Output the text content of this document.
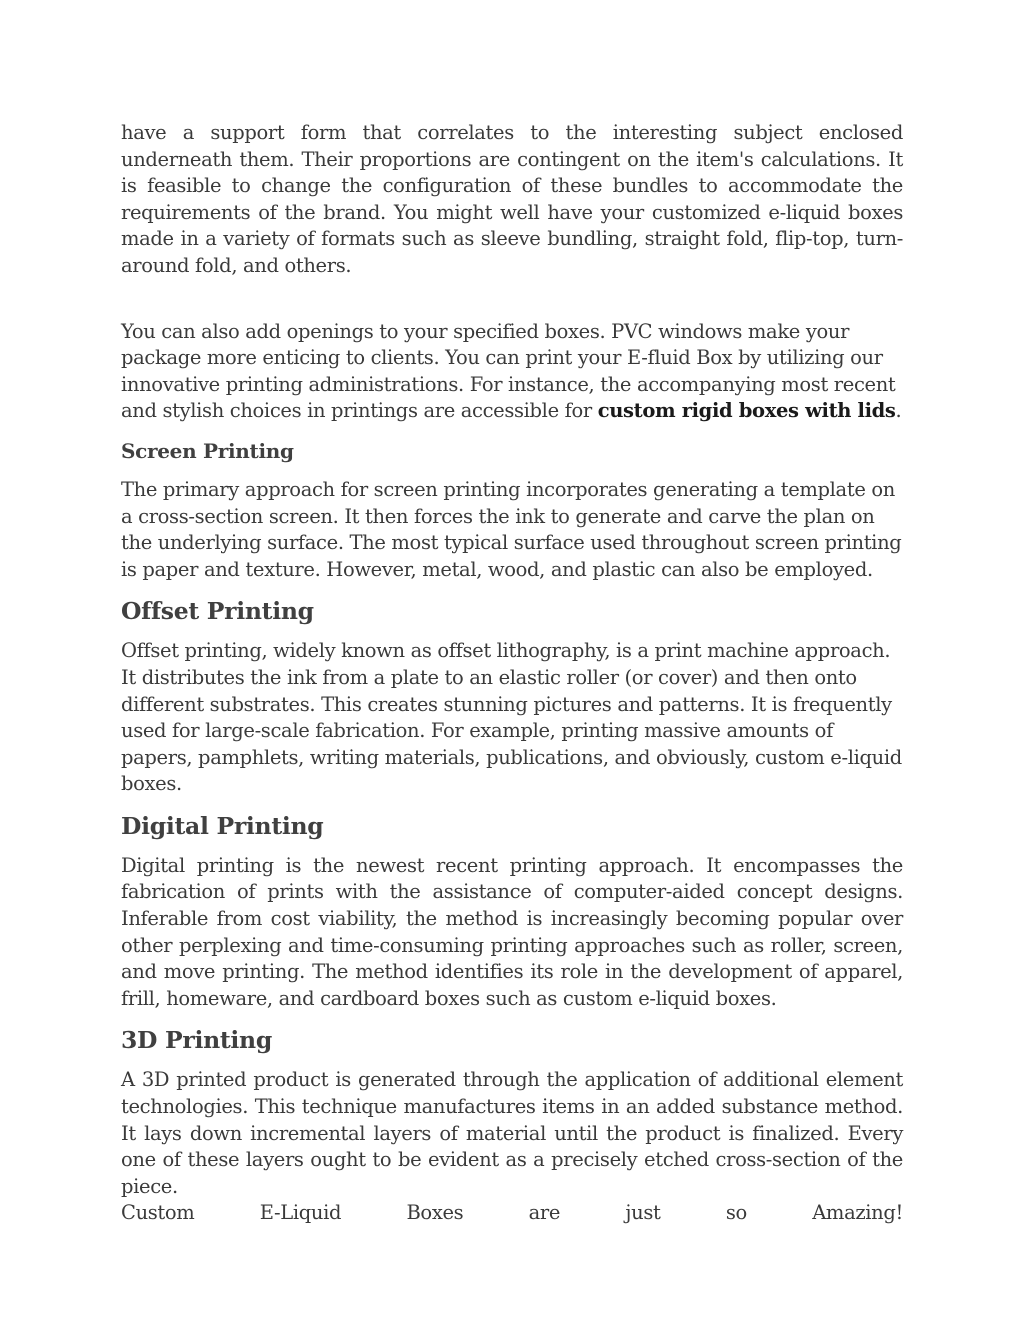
have a support form that correlates to the interesting subject enclosed underneath them. Their proportions are contingent on the item's calculations. It is feasible to change the configuration of these bundles to accommodate the requirements of the brand. You might well have your customized e-liquid boxes made in a variety of formats such as sleeve bundling, straight fold, flip-top, turn-around fold, and others.

You can also add openings to your specified boxes. PVC windows make your package more enticing to clients. You can print your E-fluid Box by utilizing our innovative printing administrations. For instance, the accompanying most recent and stylish choices in printings are accessible for custom rigid boxes with lids.

Screen Printing

The primary approach for screen printing incorporates generating a template on a cross-section screen. It then forces the ink to generate and carve the plan on the underlying surface. The most typical surface used throughout screen printing is paper and texture. However, metal, wood, and plastic can also be employed.

Offset Printing

Offset printing, widely known as offset lithography, is a print machine approach. It distributes the ink from a plate to an elastic roller (or cover) and then onto different substrates. This creates stunning pictures and patterns. It is frequently used for large-scale fabrication. For example, printing massive amounts of papers, pamphlets, writing materials, publications, and obviously, custom e-liquid boxes.

Digital Printing

Digital printing is the newest recent printing approach. It encompasses the fabrication of prints with the assistance of computer-aided concept designs. Inferable from cost viability, the method is increasingly becoming popular over other perplexing and time-consuming printing approaches such as roller, screen, and move printing. The method identifies its role in the development of apparel, frill, homeware, and cardboard boxes such as custom e-liquid boxes.

3D Printing

A 3D printed product is generated through the application of additional element technologies. This technique manufactures items in an added substance method. It lays down incremental layers of material until the product is finalized. Every one of these layers ought to be evident as a precisely etched cross-section of the piece.

Custom	E-Liquid	Boxes	are	just	so	Amazing!
